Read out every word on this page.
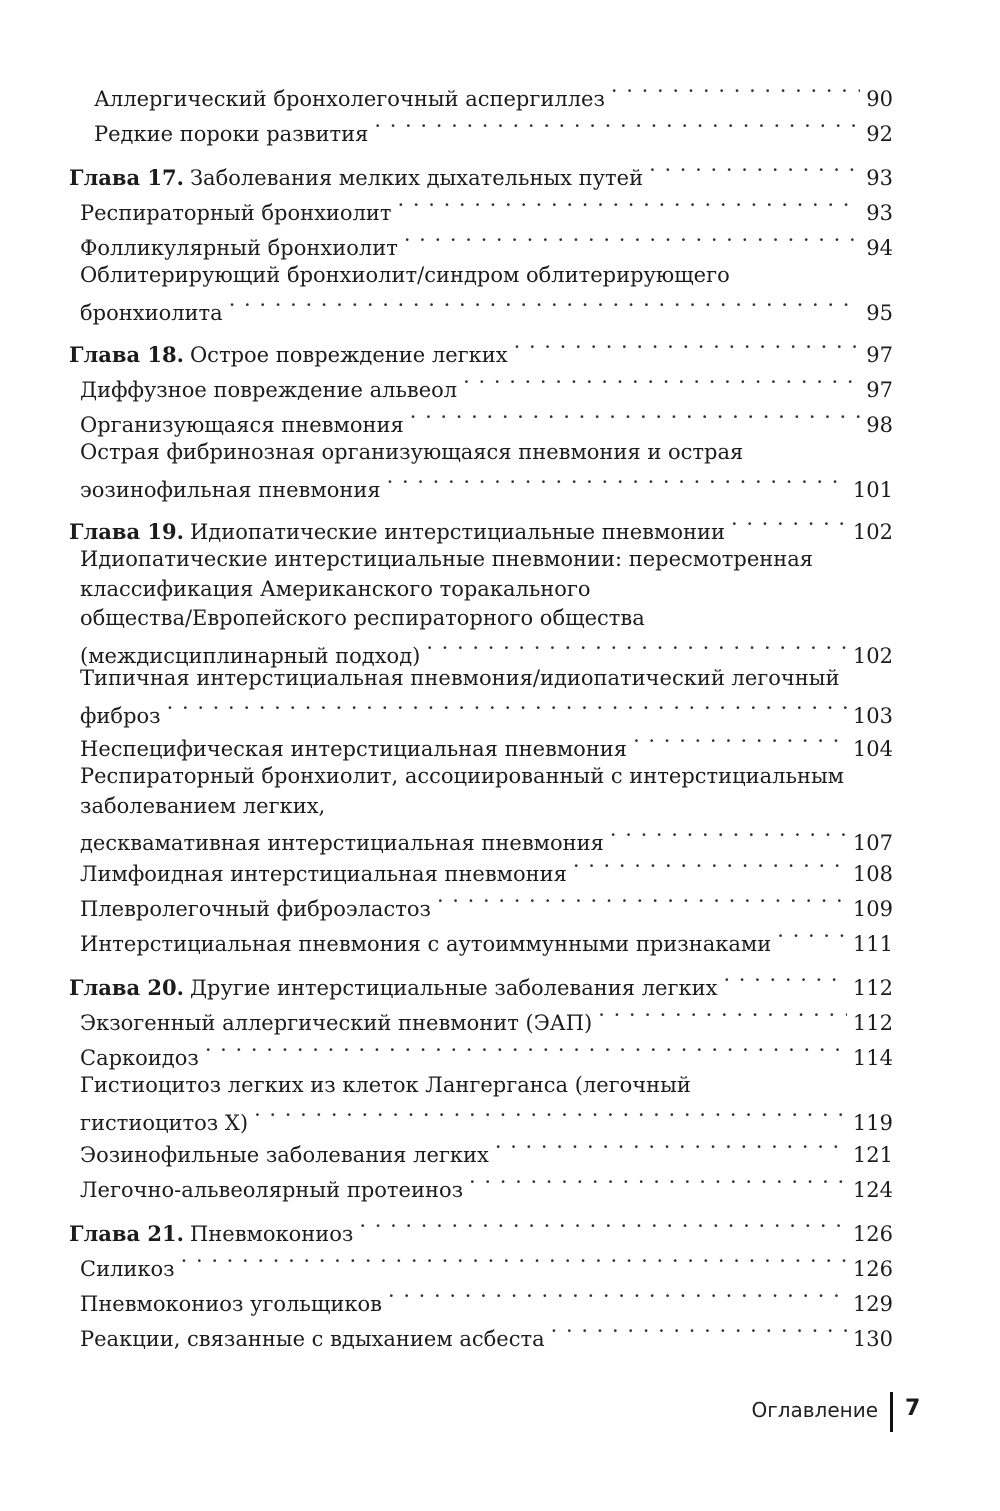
Аллергический бронхолегочный аспергиллез · · ·	90
Редкие пороки развития · · ·	92
Глава 17. Заболевания мелких дыхательных путей · · ·	93
Респираторный бронхиолит · · ·	93
Фолликулярный бронхиолит · · ·	94
Облитерирующий бронхиолит/синдром облитерирующего
бронхиолита · · ·	95
Глава 18. Острое повреждение легких · · ·	97
Диффузное повреждение альвеол · · ·	97
Организующаяся пневмония · · ·	98
Острая фибринозная организующаяся пневмония и острая
эозинофильная пневмония · · ·	101
Глава 19. Идиопатические интерстициальные пневмонии · · ·	102
Идиопатические интерстициальные пневмонии: пересмотренная
классификация Американского торакального
общества/Европейского респираторного общества
(междисциплинарный подход) · · ·	102
Типичная интерстициальная пневмония/идиопатический легочный
фиброз · · ·	103
Неспецифическая интерстициальная пневмония · · ·	104
Респираторный бронхиолит, ассоциированный с интерстициальным
заболеванием легких,
десквамативная интерстициальная пневмония · · ·	107
Лимфоидная интерстициальная пневмония · · ·	108
Плевролегочный фиброэластоз · · ·	109
Интерстициальная пневмония с аутоиммунными признаками · · ·	111
Глава 20. Другие интерстициальные заболевания легких · · ·	112
Экзогенный аллергический пневмонит (ЭАП) · · ·	112
Саркоидоз · · ·	114
Гистиоцитоз легких из клеток Лангерганса (легочный
гистиоцитоз X) · · ·	119
Эозинофильные заболевания легких · · ·	121
Легочно-альвеолярный протеиноз · · ·	124
Глава 21. Пневмокониоз · · ·	126
Силикоз · · ·	126
Пневмокониоз угольщиков · · ·	129
Реакции, связанные с вдыханием асбеста · · ·	130
Оглавление 7
